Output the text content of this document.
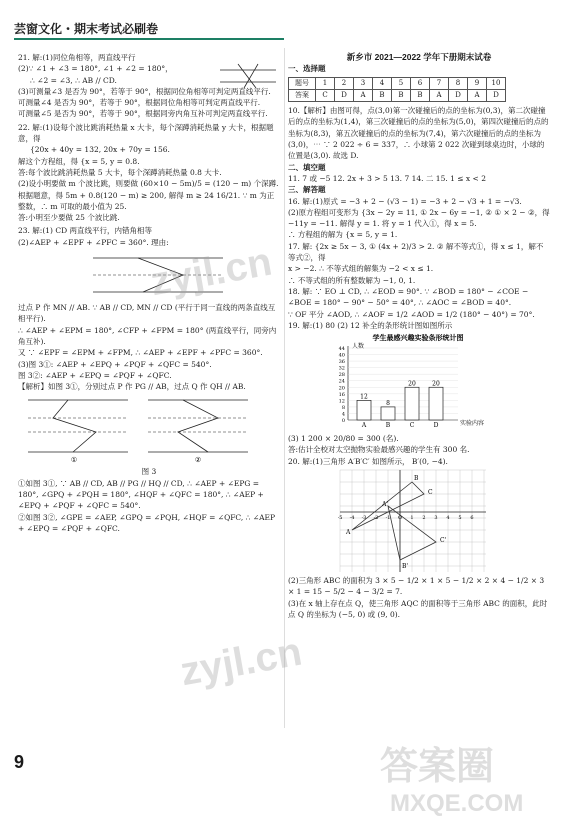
芸窗文化・期末考试必刷卷

21. 解:(1)同位角相等，两直线平行

(2)∵ ∠1 + ∠3 = 180°, ∠1 + ∠2 = 180°，

∴ ∠2 = ∠3, ∴ AB // CD.

(3)可测量∠3 是否为 90°，若等于 90°，根据同位角相等可判定两直线平行.

可测量∠4 是否为 90°，若等于 90°，根据同位角相等可判定两直线平行.

可测量∠5 是否为 90°，若等于 90°，根据同旁内角互补可判定两直线平行.

22. 解:(1)设每个波比跳消耗热量 x 大卡，每个深蹲消耗热量 y 大卡，根据题意，得

{20x + 40y = 132, 20x + 70y = 156.

解这个方程组，得 {x = 5, y = 0.8.

答:每个波比跳消耗热量 5 大卡，每个深蹲消耗热量 0.8 大卡.

(2)设小明要做 m 个波比跳，则要做 (60×10 − 5m)/5 = (120 − m) 个深蹲. 根据题意，得 5m + 0.8(120 − m) ≥ 200, 解得 m ≥ 24 16/21. ∵ m 为正整数，∴ m 可取的最小值为 25.

答:小明至少要做 25 个波比跳.

23. 解:(1) CD 两直线平行，内错角相等

(2)∠AEP + ∠EPF + ∠PFC = 360°. 理由:

过点 P 作 MN // AB. ∵ AB // CD, MN // CD (平行于同一直线的两条直线互相平行).

∴ ∠AEP + ∠EPM = 180°, ∠CFP + ∠FPM = 180° (两直线平行，同旁内角互补).

又 ∵ ∠EPF = ∠EPM + ∠FPM, ∴ ∠AEP + ∠EPF + ∠PFC = 360°.

(3)图 3①: ∠AEP + ∠EPQ + ∠PQF + ∠QFC = 540°.

图 3②: ∠AEP + ∠EPQ = ∠PQF + ∠QFC.

【解析】如图 3①，分别过点 P 作 PG // AB，过点 Q 作 QH // AB.

①	②

图 3

①如图 3①, ∵ AB // CD, AB // PG // HQ // CD, ∴ ∠AEP + ∠EPG = 180°, ∠GPQ + ∠PQH = 180°, ∠HQF + ∠QFC = 180°, ∴ ∠AEP + ∠EPQ + ∠PQF + ∠QFC = 540°.

②如图 3②, ∠GPE = ∠AEP, ∠GPQ = ∠PQH, ∠HQF = ∠QFC, ∴ ∠AEP + ∠EPQ = ∠PQF + ∠QFC.

新乡市 2021—2022 学年下册期末试卷

一、选择题

题号	1	2	3	4	5	6	7	8	9	10
答案	C	D	A	B	B	B	A	D	A	D

10.【解析】由图可得，点(3,0)第一次碰撞后的点的坐标为(0,3)，第二次碰撞后的点的坐标为(1,4)，第三次碰撞后的点的坐标为(5,0)，第四次碰撞后的点的坐标为(8,3)，第五次碰撞后的点的坐标为(7,4)，第六次碰撞后的点的坐标为(3,0)，⋯ ∵ 2 022 ÷ 6 = 337，∴ 小球第 2 022 次碰到球桌边时，小球的位置是(3,0). 故选 D.

二、填空题

11. 7 或 −5 12. 2x + 3 > 5 13. 7 14. 二 15. 1 ≤ x < 2

三、解答题

16. 解:(1)原式 = −3 + 2 − (√3 − 1) = −3 + 2 − √3 + 1 = −√3.

(2)原方程组可变形为 {3x − 2y = 11, ① 2x − 6y = −1, ② ① × 2 − ②，得 −11y = −11. 解得 y = 1. 将 y = 1 代入①，得 x = 5.

∴ 方程组的解为 {x = 5, y = 1.

17. 解: {2x ≥ 5x − 3, ① (4x + 2)/3 > 2. ② 解不等式①，得 x ≤ 1，解不等式②，得

x > −2. ∴ 不等式组的解集为 −2 < x ≤ 1.

∴ 不等式组的所有整数解为 −1, 0, 1.

18. 解: ∵ EO ⊥ CD, ∴ ∠EOD = 90°. ∵ ∠BOD = 180° − ∠COE − ∠BOE = 180° − 90° − 50° = 40°, ∴ ∠AOC = ∠BOD = 40°.

∵ OF 平分 ∠AOD, ∴ ∠AOF = 1/2 ∠AOD = 1/2 (180° − 40°) = 70°.

19. 解:(1) 80 (2) 12 补全的条形统计图如图所示

学生最感兴趣实验条形统计图
人数
实验内容
0
4
8
12
16
20
24
28
32
36
40
44
12
A
8
B
20
C
20
D

(3) 1 200 × 20/80 = 300 (名).

答:估计全校对太空抛物实验最感兴趣的学生有 300 名.

20. 解:(1)三角形 A′B′C′ 如图所示， B′(0, −4).

-5 -4 -3 -2 -1 O 1 2 3 4 5 6
A
B
C
A'
B'
C'

(2)三角形 ABC 的面积为 3 × 5 − 1/2 × 1 × 5 − 1/2 × 2 × 4 − 1/2 × 3 × 1 = 15 − 5/2 − 4 − 3/2 = 7.

(3)在 x 轴上存在点 Q，使三角形 AQC 的面积等于三角形 ABC 的面积，此时点 Q 的坐标为 (−5, 0) 或 (9, 0).

9
zyjl.cn
zyjl.cn
答案圈
MXQE.COM
